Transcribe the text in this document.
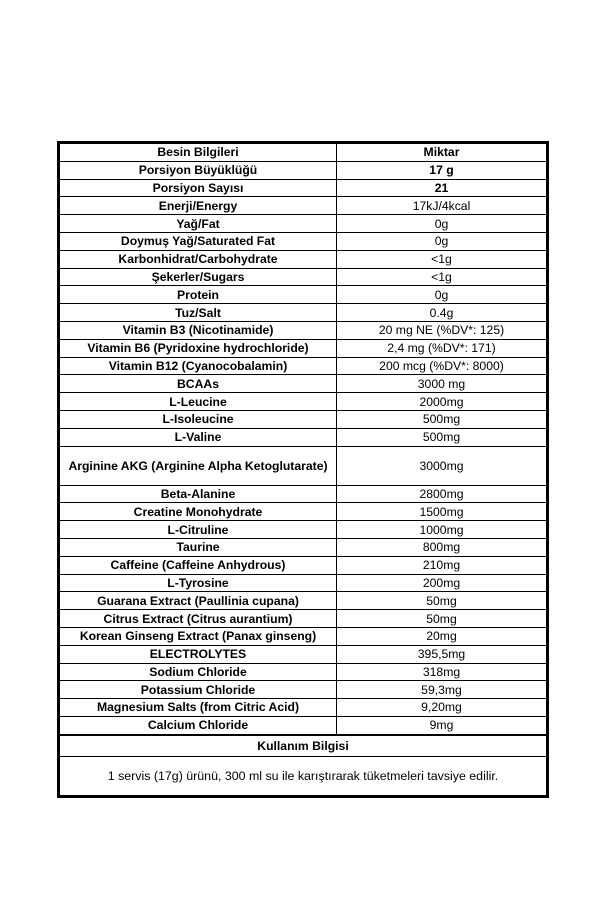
Besin Bilgileri	Miktar
Porsiyon Büyüklüğü	17 g
Porsiyon Sayısı	21
Enerji/Energy	17kJ/4kcal
Yağ/Fat	0g
Doymuş Yağ/Saturated Fat	0g
Karbonhidrat/Carbohydrate	<1g
Şekerler/Sugars	<1g
Protein	0g
Tuz/Salt	0.4g
Vitamin B3 (Nicotinamide)	20 mg NE (%DV*: 125)
Vitamin B6 (Pyridoxine hydrochloride)	2,4 mg (%DV*: 171)
Vitamin B12 (Cyanocobalamin)	200 mcg (%DV*: 8000)
BCAAs	3000 mg
L-Leucine	2000mg
L-Isoleucine	500mg
L-Valine	500mg
Arginine AKG (Arginine Alpha Ketoglutarate)	3000mg
Beta-Alanine	2800mg
Creatine Monohydrate	1500mg
L-Citruline	1000mg
Taurine	800mg
Caffeine (Caffeine Anhydrous)	210mg
L-Tyrosine	200mg
Guarana Extract (Paullinia cupana)	50mg
Citrus Extract (Citrus aurantium)	50mg
Korean Ginseng Extract (Panax ginseng)	20mg
ELECTROLYTES	395,5mg
Sodium Chloride	318mg
Potassium Chloride	59,3mg
Magnesium Salts (from Citric Acid)	9,20mg
Calcium Chloride	9mg
Kullanım Bilgisi	
1 servis (17g) ürünü, 300 ml su ile karıştırarak tüketmeleri tavsiye edilir.	
